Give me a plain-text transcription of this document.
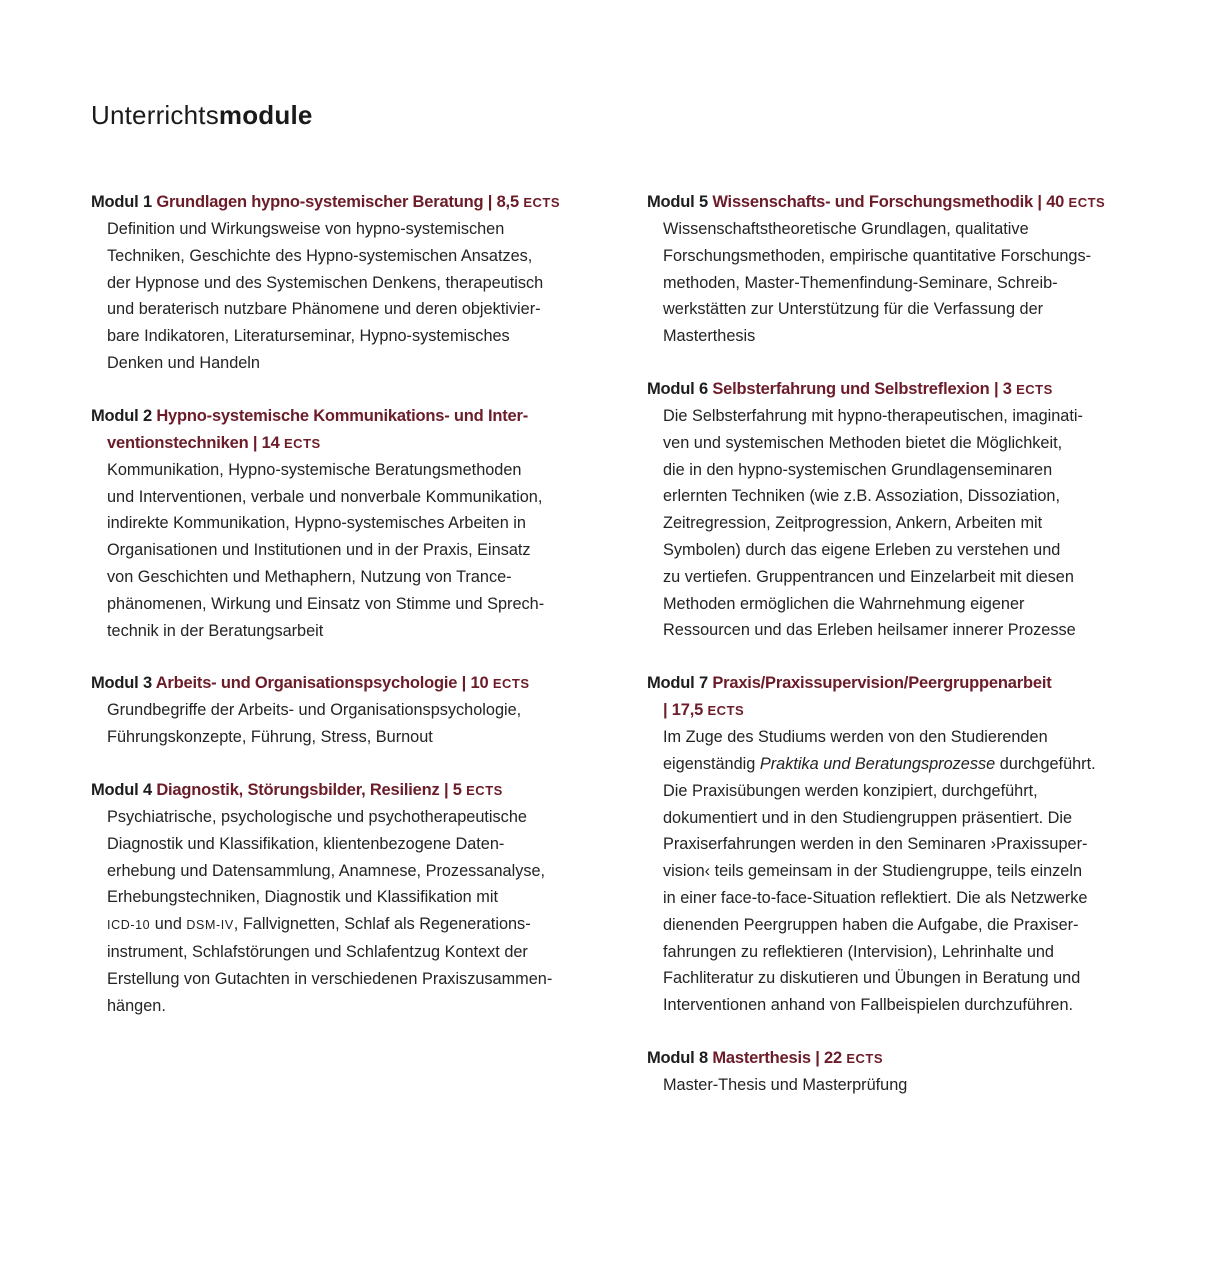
Unterrichtsmodule
Modul 1 Grundlagen hypno-systemischer Beratung | 8,5 ECTS
Definition und Wirkungsweise von hypno-systemischen
Techniken, Geschichte des Hypno-systemischen Ansatzes,
der Hypnose und des Systemischen Denkens, therapeutisch
und beraterisch nutzbare Phänomene und deren objektivier-
bare Indikatoren, Literaturseminar, Hypno-systemisches
Denken und Handeln
Modul 2 Hypno-systemische Kommunikations- und Inter-
ventionstechniken | 14 ECTS
Kommunikation, Hypno-systemische Beratungsmethoden
und Interventionen, verbale und nonverbale Kommunikation,
indirekte Kommunikation, Hypno-systemisches Arbeiten in
Organisationen und Institutionen und in der Praxis, Einsatz
von Geschichten und Methaphern, Nutzung von Trance-
phänomenen, Wirkung und Einsatz von Stimme und Sprech-
technik in der Beratungsarbeit
Modul 3 Arbeits- und Organisationspsychologie | 10 ECTS
Grundbegriffe der Arbeits- und Organisationspsychologie,
Führungskonzepte, Führung, Stress, Burnout
Modul 4 Diagnostik, Störungsbilder, Resilienz | 5 ECTS
Psychiatrische, psychologische und psychotherapeutische
Diagnostik und Klassifikation, klientenbezogene Daten-
erhebung und Datensammlung, Anamnese, Prozessanalyse,
Erhebungstechniken, Diagnostik und Klassifikation mit
ICD-10 und DSM-IV, Fallvignetten, Schlaf als Regenerations-
instrument, Schlafstörungen und Schlafentzug Kontext der
Erstellung von Gutachten in verschiedenen Praxiszusammen-
hängen.
Modul 5 Wissenschafts- und Forschungsmethodik | 40 ECTS
Wissenschaftstheoretische Grundlagen, qualitative
Forschungsmethoden, empirische quantitative Forschungs-
methoden, Master-Themenfindung-Seminare, Schreib-
werkstätten zur Unterstützung für die Verfassung der
Masterthesis
Modul 6 Selbsterfahrung und Selbstreflexion | 3 ECTS
Die Selbsterfahrung mit hypno-therapeutischen, imaginati-
ven und systemischen Methoden bietet die Möglichkeit,
die in den hypno-systemischen Grundlagenseminaren
erlernten Techniken (wie z.B. Assoziation, Dissoziation,
Zeitregression, Zeitprogression, Ankern, Arbeiten mit
Symbolen) durch das eigene Erleben zu verstehen und
zu vertiefen. Gruppentrancen und Einzelarbeit mit diesen
Methoden ermöglichen die Wahrnehmung eigener
Ressourcen und das Erleben heilsamer innerer Prozesse
Modul 7 Praxis/Praxissupervision/Peergruppenarbeit
| 17,5 ECTS
Im Zuge des Studiums werden von den Studierenden
eigenständig Praktika und Beratungsprozesse durchgeführt.
Die Praxisübungen werden konzipiert, durchgeführt,
dokumentiert und in den Studiengruppen präsentiert. Die
Praxiserfahrungen werden in den Seminaren ›Praxissuper-
vision‹ teils gemeinsam in der Studiengruppe, teils einzeln
in einer face-to-face-Situation reflektiert. Die als Netzwerke
dienenden Peergruppen haben die Aufgabe, die Praxiser-
fahrungen zu reflektieren (Intervision), Lehrinhalte und
Fachliteratur zu diskutieren und Übungen in Beratung und
Interventionen anhand von Fallbeispielen durchzuführen.
Modul 8 Masterthesis | 22 ECTS
Master-Thesis und Masterprüfung
